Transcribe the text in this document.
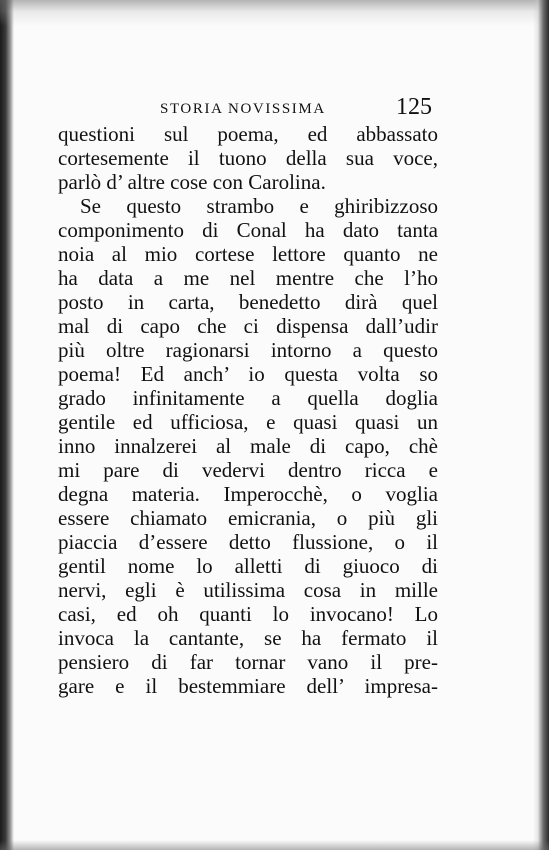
STORIA NOVISSIMA	125
questioni sul poema, ed abbassato
cortesemente il tuono della sua voce,
parlò d’ altre cose con Carolina.
Se questo strambo e ghiribizzoso
componimento di Conal ha dato tanta
noia al mio cortese lettore quanto ne
ha data a me nel mentre che l’ho
posto in carta, benedetto dirà quel
mal di capo che ci dispensa dall’udir
più oltre ragionarsi intorno a questo
poema! Ed anch’ io questa volta so
grado infinitamente a quella doglia
gentile ed ufficiosa, e quasi quasi un
inno innalzerei al male di capo, chè
mi pare di vedervi dentro ricca e
degna materia. Imperocchè, o voglia
essere chiamato emicrania, o più gli
piaccia d’essere detto flussione, o il
gentil nome lo alletti di giuoco di
nervi, egli è utilissima cosa in mille
casi, ed oh quanti lo invocano! Lo
invoca la cantante, se ha fermato il
pensiero di far tornar vano il pre-
gare e il bestemmiare dell’ impresa-
